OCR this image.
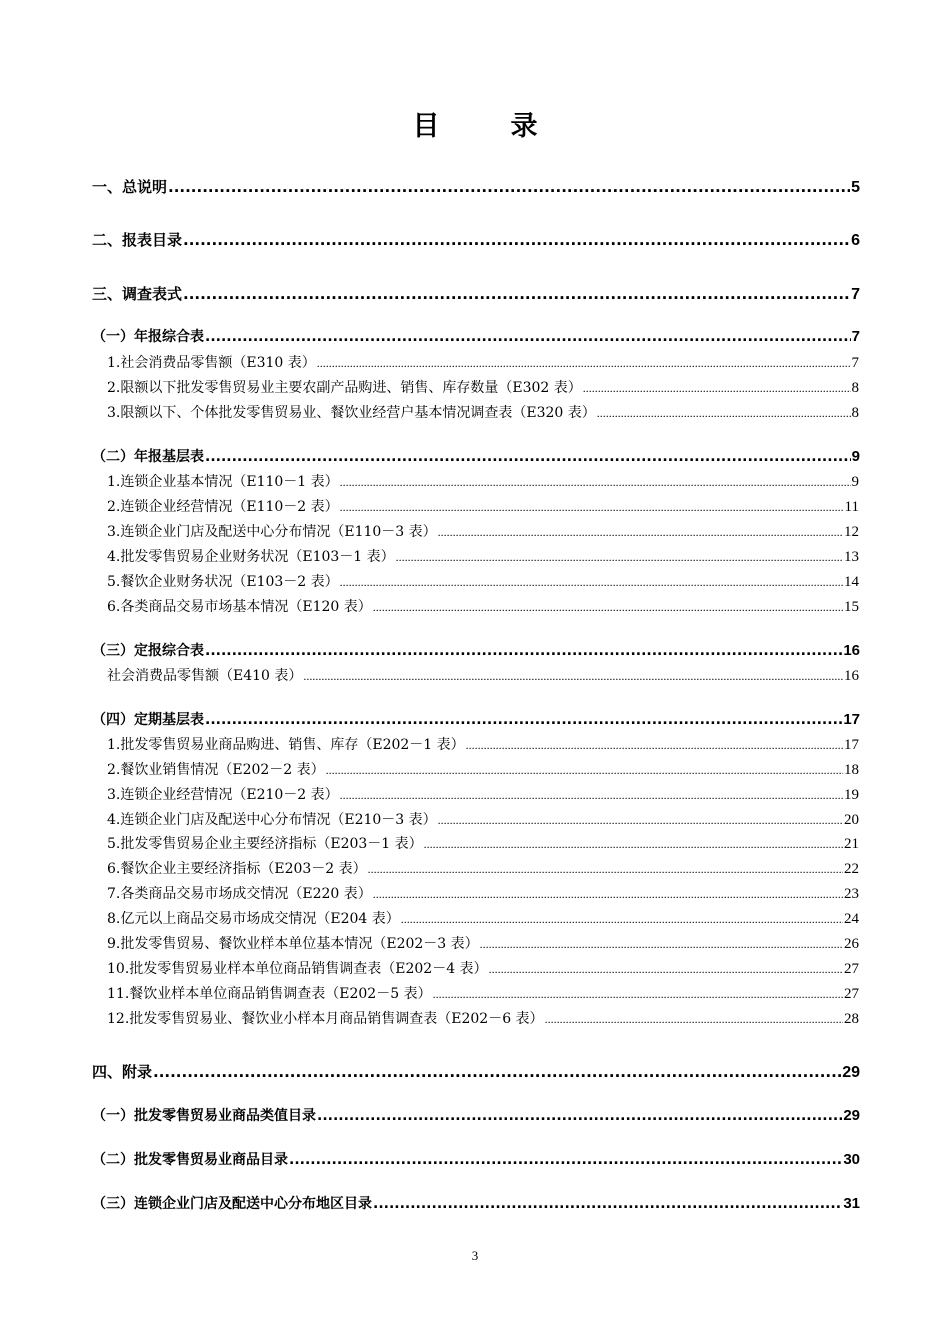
目　录
一、总说明 .....	5
二、报表目录 .....	6
三、调查表式 .....	7
（一）年报综合表 .....	7
1.社会消费品零售额（E310 表） .....	7
2.限额以下批发零售贸易业主要农副产品购进、销售、库存数量（E302 表） .....	8
3.限额以下、个体批发零售贸易业、餐饮业经营户基本情况调查表（E320 表） .....	8
（二）年报基层表 .....	9
1.连锁企业基本情况（E110－1 表） .....	9
2.连锁企业经营情况（E110－2 表） .....	11
3.连锁企业门店及配送中心分布情况（E110－3 表） .....	12
4.批发零售贸易企业财务状况（E103－1 表） .....	13
5.餐饮企业财务状况（E103－2 表） .....	14
6.各类商品交易市场基本情况（E120 表） .....	15
（三）定报综合表 .....	16
社会消费品零售额（E410 表） .....	16
（四）定期基层表 .....	17
1.批发零售贸易业商品购进、销售、库存（E202－1 表） .....	17
2.餐饮业销售情况（E202－2 表） .....	18
3.连锁企业经营情况（E210－2 表） .....	19
4.连锁企业门店及配送中心分布情况（E210－3 表） .....	20
5.批发零售贸易企业主要经济指标（E203－1 表） .....	21
6.餐饮企业主要经济指标（E203－2 表） .....	22
7.各类商品交易市场成交情况（E220 表） .....	23
8.亿元以上商品交易市场成交情况（E204 表） .....	24
9.批发零售贸易、餐饮业样本单位基本情况（E202－3 表） .....	26
10.批发零售贸易业样本单位商品销售调查表（E202－4 表） .....	27
11.餐饮业样本单位商品销售调查表（E202－5 表） .....	27
12.批发零售贸易业、餐饮业小样本月商品销售调查表（E202－6 表） .....	28
四、附录 .....	29
（一）批发零售贸易业商品类值目录 .....	29
（二）批发零售贸易业商品目录 .....	30
（三）连锁企业门店及配送中心分布地区目录 .....	31
3
